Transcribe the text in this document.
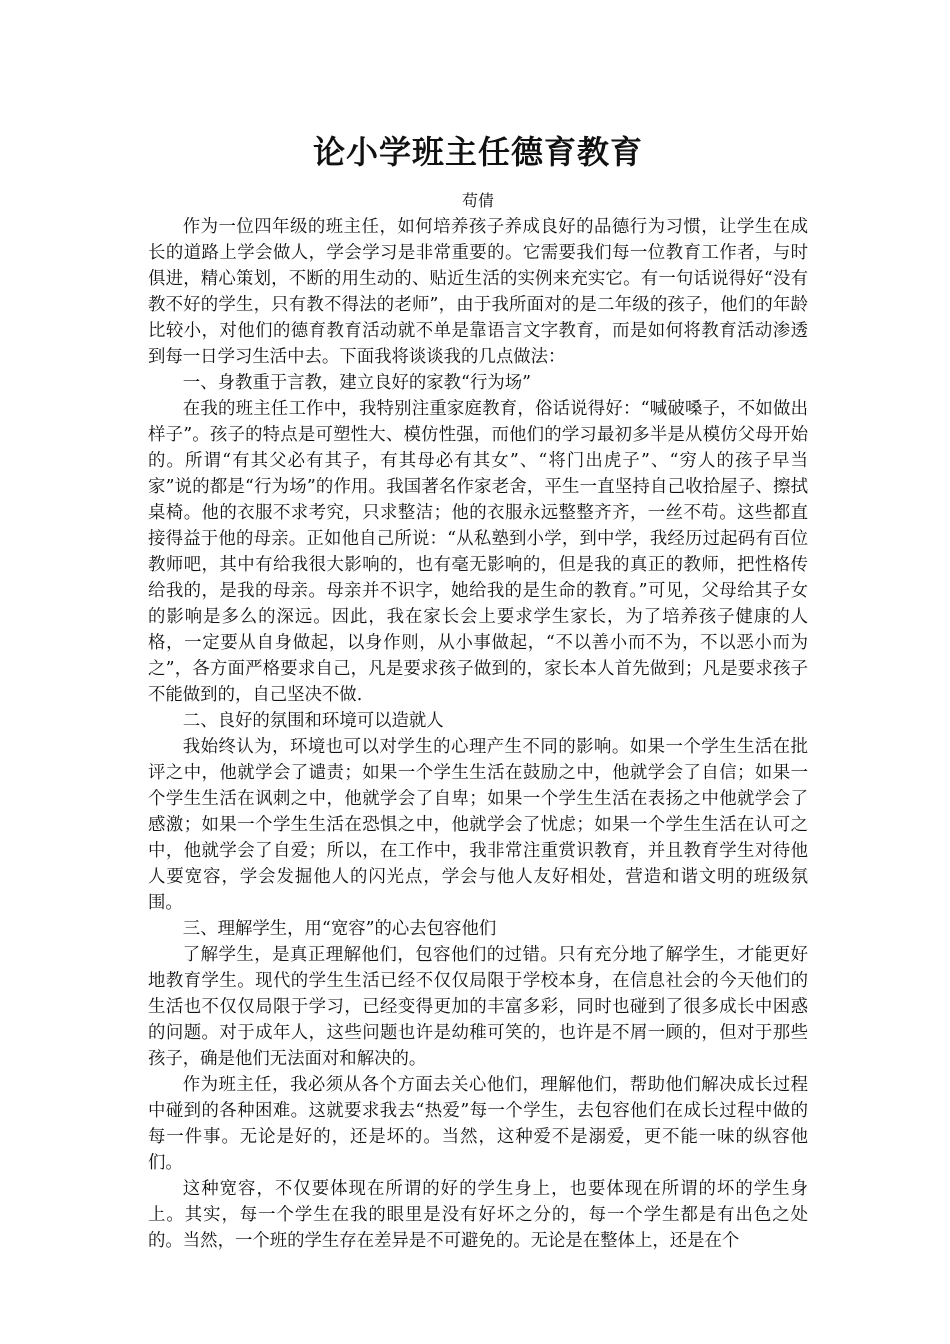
论小学班主任德育教育

苟倩

作为一位四年级的班主任，如何培养孩子养成良好的品德行为习惯，让学生在成长的道路上学会做人，学会学习是非常重要的。它需要我们每一位教育工作者，与时俱进，精心策划，不断的用生动的、贴近生活的实例来充实它。有一句话说得好“没有教不好的学生，只有教不得法的老师”，由于我所面对的是二年级的孩子，他们的年龄比较小，对他们的德育教育活动就不单是靠语言文字教育，而是如何将教育活动渗透到每一日学习生活中去。下面我将谈谈我的几点做法：

一、身教重于言教，建立良好的家教“行为场”

在我的班主任工作中，我特别注重家庭教育，俗话说得好：“喊破嗓子，不如做出样子”。孩子的特点是可塑性大、模仿性强，而他们的学习最初多半是从模仿父母开始的。所谓“有其父必有其子，有其母必有其女”、“将门出虎子”、“穷人的孩子早当家”说的都是“行为场”的作用。我国著名作家老舍，平生一直坚持自己收拾屋子、擦拭桌椅。他的衣服不求考究，只求整洁；他的衣服永远整整齐齐，一丝不苟。这些都直接得益于他的母亲。正如他自己所说：“从私塾到小学，到中学，我经历过起码有百位教师吧，其中有给我很大影响的，也有毫无影响的，但是我的真正的教师，把性格传给我的，是我的母亲。母亲并不识字，她给我的是生命的教育。”可见，父母给其子女的影响是多么的深远。因此，我在家长会上要求学生家长，为了培养孩子健康的人格，一定要从自身做起，以身作则，从小事做起，“不以善小而不为，不以恶小而为之”，各方面严格要求自己，凡是要求孩子做到的，家长本人首先做到；凡是要求孩子不能做到的，自己坚决不做.

二、良好的氛围和环境可以造就人

我始终认为，环境也可以对学生的心理产生不同的影响。如果一个学生生活在批评之中，他就学会了谴责；如果一个学生生活在鼓励之中，他就学会了自信；如果一个学生生活在讽刺之中，他就学会了自卑；如果一个学生生活在表扬之中他就学会了感激；如果一个学生生活在恐惧之中，他就学会了忧虑；如果一个学生生活在认可之中，他就学会了自爱；所以，在工作中，我非常注重赏识教育，并且教育学生对待他人要宽容，学会发掘他人的闪光点，学会与他人友好相处，营造和谐文明的班级氛围。

三、理解学生，用“宽容”的心去包容他们

了解学生，是真正理解他们，包容他们的过错。只有充分地了解学生，才能更好地教育学生。现代的学生生活已经不仅仅局限于学校本身，在信息社会的今天他们的生活也不仅仅局限于学习，已经变得更加的丰富多彩，同时也碰到了很多成长中困惑的问题。对于成年人，这些问题也许是幼稚可笑的，也许是不屑一顾的，但对于那些孩子，确是他们无法面对和解决的。

作为班主任，我必须从各个方面去关心他们，理解他们，帮助他们解决成长过程中碰到的各种困难。这就要求我去“热爱”每一个学生，去包容他们在成长过程中做的每一件事。无论是好的，还是坏的。当然，这种爱不是溺爱，更不能一味的纵容他们。

这种宽容，不仅要体现在所谓的好的学生身上，也要体现在所谓的坏的学生身上。其实，每一个学生在我的眼里是没有好坏之分的，每一个学生都是有出色之处的。当然，一个班的学生存在差异是不可避免的。无论是在整体上，还是在个
